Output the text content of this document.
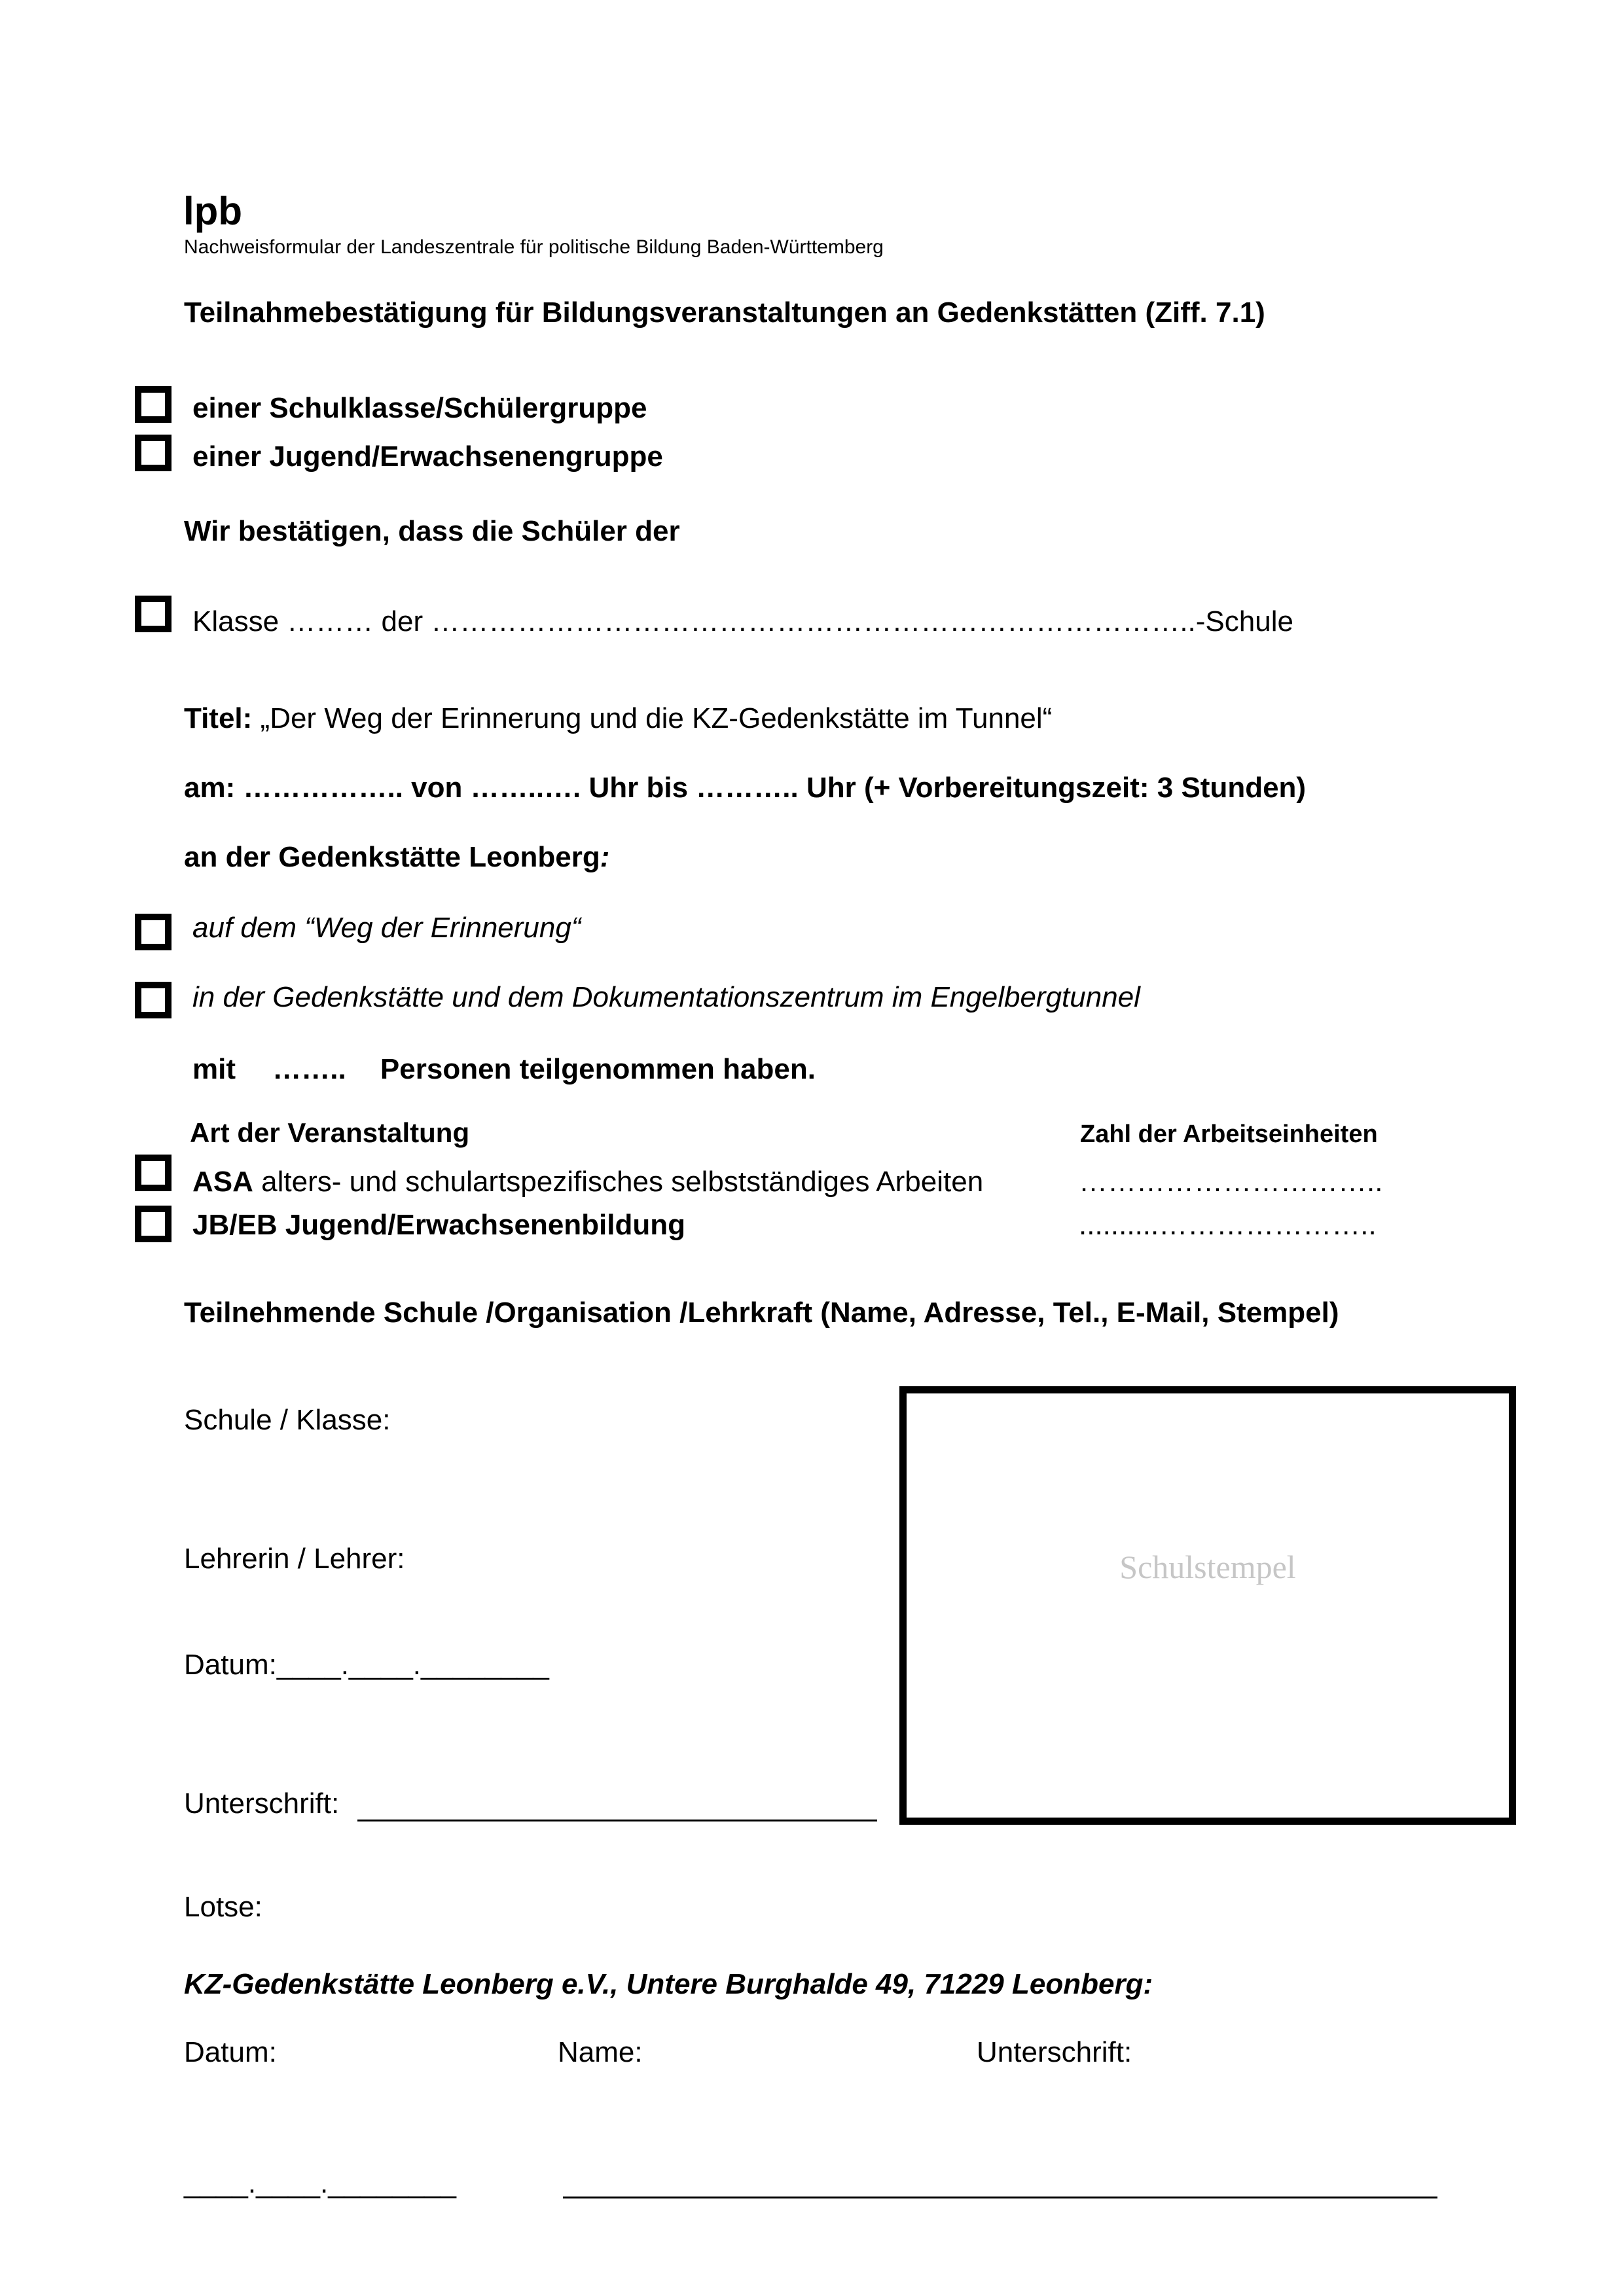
lpb
Nachweisformular der Landeszentrale für politische Bildung Baden-Württemberg
Teilnahmebestätigung für Bildungsveranstaltungen an Gedenkstätten (Ziff. 7.1)
einer Schulklasse/Schülergruppe
einer Jugend/Erwachsenengruppe
Wir bestätigen, dass die Schüler der
Klasse ……… der ……………………………………………………………………..-Schule
Titel: „Der Weg der Erinnerung und die KZ-Gedenkstätte im Tunnel“
am: …………….. von ……..…. Uhr bis ……….. Uhr (+ Vorbereitungszeit: 3 Stunden)
an der Gedenkstätte Leonberg:
auf dem “Weg der Erinnerung“
in der Gedenkstätte und dem Dokumentationszentrum im Engelbergtunnel
mit …….. Personen teilgenommen haben.
Art der Veranstaltung	Zahl der Arbeitseinheiten
ASA alters- und schulartspezifisches selbstständiges Arbeiten	…………………………..
JB/EB Jugend/Erwachsenenbildung	..........…………………..
Teilnehmende Schule /Organisation /Lehrkraft (Name, Adresse, Tel., E-Mail, Stempel)
Schule / Klasse:
Lehrerin / Lehrer:
Datum:____.____.________
Unterschrift:
Schulstempel
Lotse:
KZ-Gedenkstätte Leonberg e.V., Untere Burghalde 49, 71229 Leonberg:
Datum:	Name:	Unterschrift:
____.____.________
